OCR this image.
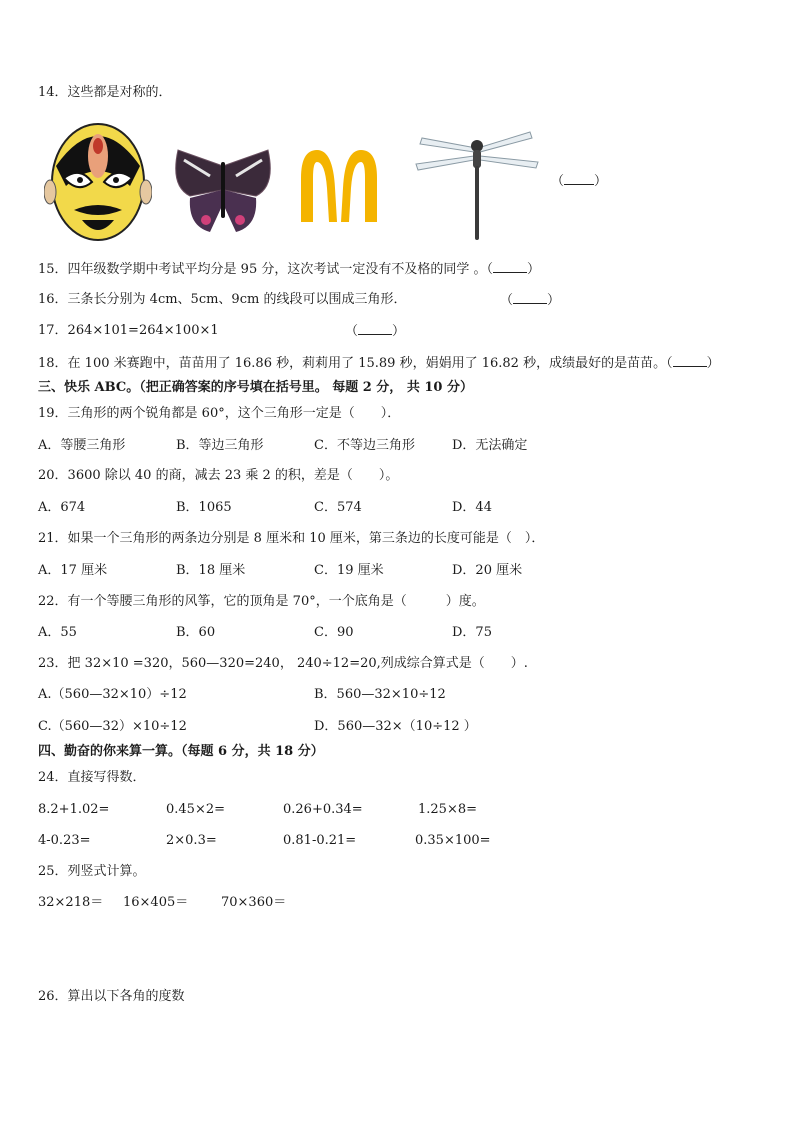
14．这些都是对称的．
（ ）
15．四年级数学期中考试平均分是 95 分，这次考试一定没有不及格的同学 。（	）
16．三条长分别为 4cm、5cm、9cm 的线段可以围成三角形．	（	）
17．264×101=264×100×1	（	）
18．在 100 米赛跑中，苗苗用了 16.86 秒，莉莉用了 15.89 秒，娟娟用了 16.82 秒，成绩最好的是苗苗。（	）
三、快乐 ABC。（把正确答案的序号填在括号里。 每题 2 分， 共 10 分）
19．三角形的两个锐角都是 60°，这个三角形一定是（　　）．
A．等腰三角形	B．等边三角形	C．不等边三角形	D．无法确定
20．3600 除以 40 的商，减去 23 乘 2 的积，差是（　　）。
A．674	B．1065	C．574	D．44
21．如果一个三角形的两条边分别是 8 厘米和 10 厘米，第三条边的长度可能是（　）．
A．17 厘米	B．18 厘米	C．19 厘米	D．20 厘米
22．有一个等腰三角形的风筝，它的顶角是 70°，一个底角是（　　　）度。
A．55	B．60	C．90	D．75
23．把 32×10 =320，560—320=240， 240÷12=20,列成综合算式是（　　）.
A.（560—32×10）÷12	B．560—32×10÷12
C.（560—32）×10÷12	D．560—32×（10÷12 ）
四、勤奋的你来算一算。（每题 6 分，共 18 分）
24．直接写得数．
8.2+1.02=	0.45×2=	0.26+0.34=	1.25×8=
4-0.23=	2×0.3=	0.81-0.21=	0.35×100=
25．列竖式计算。
32×218＝ 16×405＝	70×360＝
26．算出以下各角的度数
